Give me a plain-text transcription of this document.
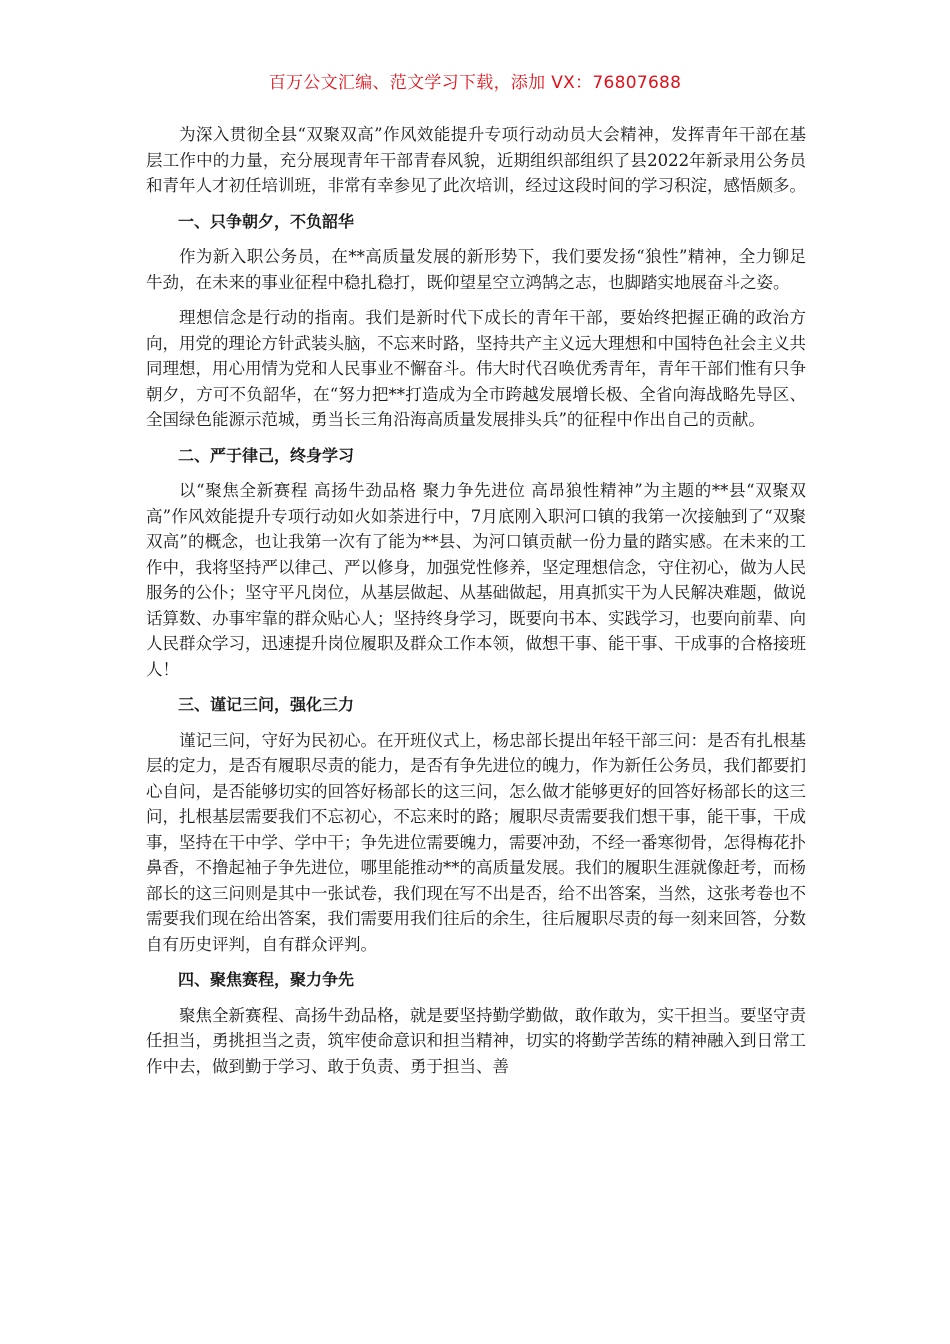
百万公文汇编、范文学习下载，添加 VX：76807688

为深入贯彻全县“双聚双高”作风效能提升专项行动动员大会精神，发挥青年干部在基层工作中的力量，充分展现青年干部青春风貌，近期组织部组织了县2022年新录用公务员和青年人才初任培训班，非常有幸参见了此次培训，经过这段时间的学习积淀，感悟颇多。

一、只争朝夕，不负韶华

作为新入职公务员，在**高质量发展的新形势下，我们要发扬“狼性”精神，全力铆足牛劲，在未来的事业征程中稳扎稳打，既仰望星空立鸿鹄之志，也脚踏实地展奋斗之姿。

理想信念是行动的指南。我们是新时代下成长的青年干部，要始终把握正确的政治方向，用党的理论方针武装头脑，不忘来时路，坚持共产主义远大理想和中国特色社会主义共同理想，用心用情为党和人民事业不懈奋斗。伟大时代召唤优秀青年，青年干部们惟有只争朝夕，方可不负韶华，在“努力把**打造成为全市跨越发展增长极、全省向海战略先导区、全国绿色能源示范城，勇当长三角沿海高质量发展排头兵”的征程中作出自己的贡献。

二、严于律己，终身学习

以“聚焦全新赛程 高扬牛劲品格 聚力争先进位 高昂狼性精神”为主题的**县“双聚双高”作风效能提升专项行动如火如荼进行中，7月底刚入职河口镇的我第一次接触到了“双聚双高”的概念，也让我第一次有了能为**县、为河口镇贡献一份力量的踏实感。在未来的工作中，我将坚持严以律己、严以修身，加强党性修养，坚定理想信念，守住初心，做为人民服务的公仆；坚守平凡岗位，从基层做起、从基础做起，用真抓实干为人民解决难题，做说话算数、办事牢靠的群众贴心人；坚持终身学习，既要向书本、实践学习，也要向前辈、向人民群众学习，迅速提升岗位履职及群众工作本领，做想干事、能干事、干成事的合格接班人！

三、谨记三问，强化三力

谨记三问，守好为民初心。在开班仪式上，杨忠部长提出年轻干部三问：是否有扎根基层的定力，是否有履职尽责的能力，是否有争先进位的魄力，作为新任公务员，我们都要扪心自问，是否能够切实的回答好杨部长的这三问，怎么做才能够更好的回答好杨部长的这三问，扎根基层需要我们不忘初心，不忘来时的路；履职尽责需要我们想干事，能干事，干成事，坚持在干中学、学中干；争先进位需要魄力，需要冲劲，不经一番寒彻骨，怎得梅花扑鼻香，不撸起袖子争先进位，哪里能推动**的高质量发展。我们的履职生涯就像赶考，而杨部长的这三问则是其中一张试卷，我们现在写不出是否，给不出答案，当然，这张考卷也不需要我们现在给出答案，我们需要用我们往后的余生，往后履职尽责的每一刻来回答，分数自有历史评判，自有群众评判。

四、聚焦赛程，聚力争先

聚焦全新赛程、高扬牛劲品格，就是要坚持勤学勤做，敢作敢为，实干担当。要坚守责任担当，勇挑担当之责，筑牢使命意识和担当精神，切实的将勤学苦练的精神融入到日常工作中去，做到勤于学习、敢于负责、勇于担当、善
